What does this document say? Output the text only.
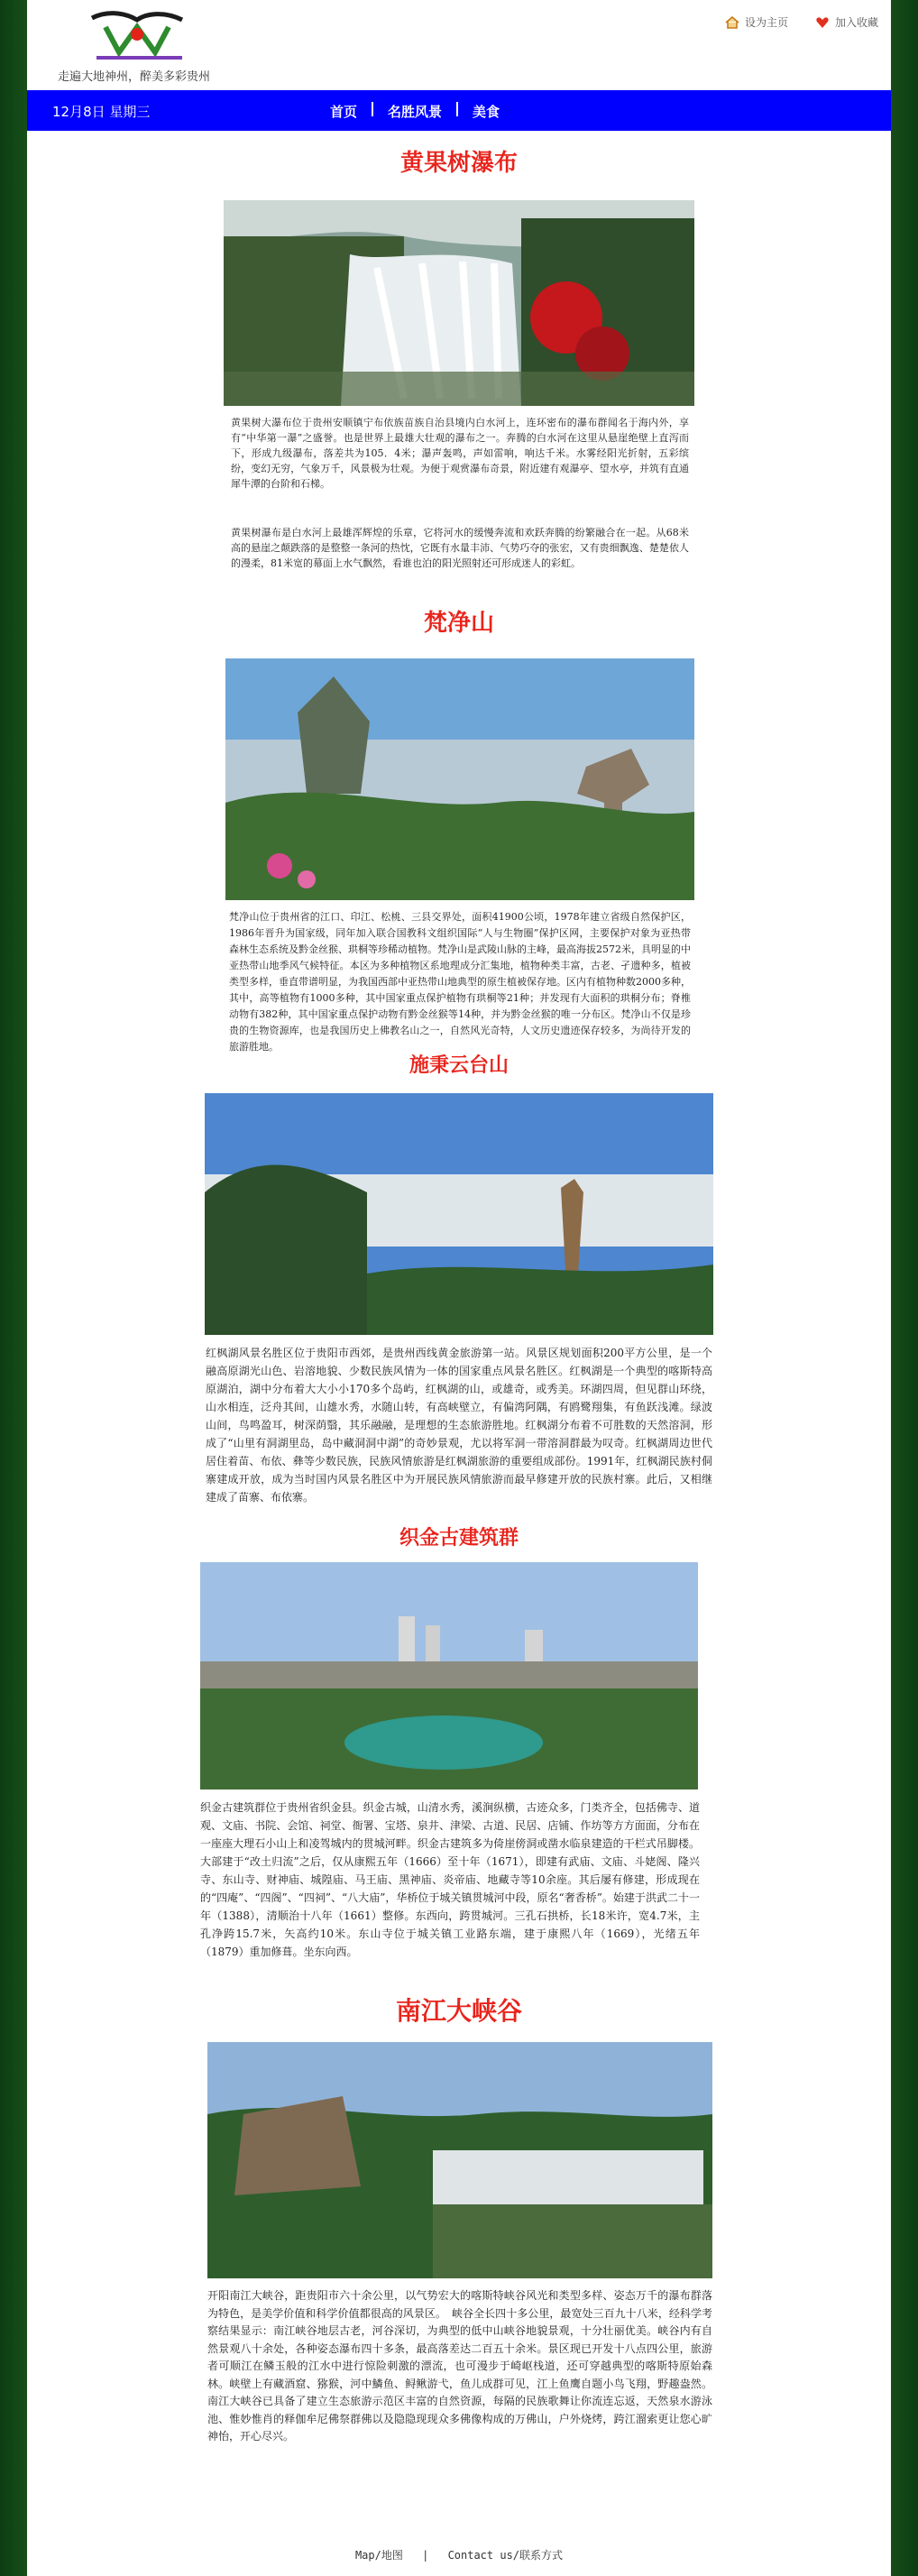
走遍大地神州，醉美多彩贵州
设为主页	加入收藏
12月8日 星期三	首页 名胜风景 美食
黄果树瀑布

黄果树大瀑布位于贵州安顺镇宁布依族苗族自治县境内白水河上，连环密布的瀑布群闻名于海内外，享有“中华第一瀑”之盛誉。也是世界上最雄大壮观的瀑布之一。奔腾的白水河在这里从悬崖绝壁上直泻而下，形成九级瀑布，落差共为105．4米；瀑声轰鸣，声如雷响，响达千米。水雾经阳光折射，五彩缤纷，变幻无穷，气象万千，风景极为壮观。为便于观赏瀑布奇景，附近建有观瀑亭、望水亭，并筑有直通犀牛潭的台阶和石梯。

黄果树瀑布是白水河上最雄浑辉煌的乐章，它将河水的缓慢奔流和欢跃奔腾的纷繁融合在一起。从68米高的悬崖之颠跌落的是整整一条河的热忱，它既有水量丰沛、气势巧夺的张宏，又有贵细飘逸、楚楚依人的漫柔，81米宽的幕面上水气飘然，看谁也泊的阳光照射还可形成迷人的彩虹。

梵净山

梵净山位于贵州省的江口、印江、松桃、三县交界处，面积41900公顷，1978年建立省级自然保护区，1986年晋升为国家级，同年加入联合国教科文组织国际“人与生物圈”保护区网，主要保护对象为亚热带森林生态系统及黔金丝猴、珙桐等珍稀动植物。梵净山是武陵山脉的主峰，最高海拔2572米，具明显的中亚热带山地季风气候特征。本区为多种植物区系地理成分汇集地，植物种类丰富，古老、孑遗种多，植被类型多样，垂直带谱明显，为我国西部中亚热带山地典型的原生植被保存地。区内有植物种数2000多种，其中，高等植物有1000多种，其中国家重点保护植物有珙桐等21种；并发现有大面积的珙桐分布；脊椎动物有382种，其中国家重点保护动物有黔金丝猴等14种，并为黔金丝猴的唯一分布区。梵净山不仅是珍贵的生物资源库，也是我国历史上佛教名山之一，自然风光奇特，人文历史遗迹保存较多，为尚待开发的旅游胜地。

施秉云台山

红枫湖风景名胜区位于贵阳市西郊，是贵州西线黄金旅游第一站。风景区规划面积200平方公里，是一个融高原湖光山色、岩溶地貌、少数民族风情为一体的国家重点风景名胜区。红枫湖是一个典型的喀斯特高原湖泊，湖中分布着大大小小170多个岛屿，红枫湖的山，或雄奇，或秀美。环湖四周，但见群山环绕，山水相连，泛舟其间，山雄水秀，水随山转，有高峡壁立，有偏湾阿隅，有鸥鹭翔集，有鱼跃浅滩。绿波山间，鸟鸣盈耳，树深荫翳，其乐融融，是理想的生态旅游胜地。红枫湖分布着不可胜数的天然溶洞，形成了“山里有洞湖里岛，岛中藏洞洞中湖”的奇妙景观，尤以将军洞一带溶洞群最为叹奇。红枫湖周边世代居住着苗、布依、彝等少数民族，民族风情旅游是红枫湖旅游的重要组成部份。1991年，红枫湖民族村侗寨建成开放，成为当时国内风景名胜区中为开展民族风情旅游而最早修建开放的民族村寨。此后，又相继建成了苗寨、布依寨。

织金古建筑群

织金古建筑群位于贵州省织金县。织金古城，山清水秀，溪涧纵横，古迹众多，门类齐全，包括佛寺、道观、文庙、书院、会馆、祠堂、衙署、宝塔、泉井、津梁、古道、民居、店铺、作坊等方方面面，分布在一座座大理石小山上和凌驾城内的贯城河畔。织金古建筑多为倚崖傍洞或凿水临泉建造的干栏式吊脚楼。大部建于“改土归流”之后，仅从康熙五年（1666）至十年（1671），即建有武庙、文庙、斗姥阁、隆兴寺、东山寺、财神庙、城隍庙、马王庙、黑神庙、炎帝庙、地藏寺等10余座。其后屡有修建，形成现在的“四庵”、“四阁”、“四祠”、“八大庙”，华桥位于城关镇贯城河中段，原名“奢香桥”。始建于洪武二十一年（1388），清顺治十八年（1661）整修。东西向，跨贯城河。三孔石拱桥，长18米许，宽4.7米，主孔净跨15.7米，矢高约10米。东山寺位于城关镇工业路东端，建于康熙八年（1669），光绪五年（1879）重加修葺。坐东向西。

南江大峡谷

开阳南江大峡谷，距贵阳市六十余公里，以气势宏大的喀斯特峡谷风光和类型多样、姿态万千的瀑布群落为特色，是美学价值和科学价值都很高的风景区。　峡谷全长四十多公里，最宽处三百九十八米，经科学考察结果显示：南江峡谷地层古老，河谷深切，为典型的低中山峡谷地貌景观，十分壮丽优美。峡谷内有自然景观八十余处，各种姿态瀑布四十多条，最高落差达二百五十余米。景区现已开发十八点四公里，旅游者可顺江在鳞玉般的江水中进行惊险刺激的漂流，也可漫步于崎岖栈道，还可穿越典型的喀斯特原始森林。峡壁上有藏酒窟、猕猴，河中鱗鱼、鲟鳅游弋，鱼儿成群可见，江上鱼鹰自题小鸟飞翔，野趣盎然。南江大峡谷已具备了建立生态旅游示范区丰富的自然资源，每隔的民族歌舞让你流连忘返，天然泉水游泳池、惟妙惟肖的释伽牟尼佛祭群佛以及隐隐现现众多佛像构成的万佛山，户外烧烤，跨江溜索更让您心旷神怡，开心尽兴。

Map/地图 | Contact us/联系方式
